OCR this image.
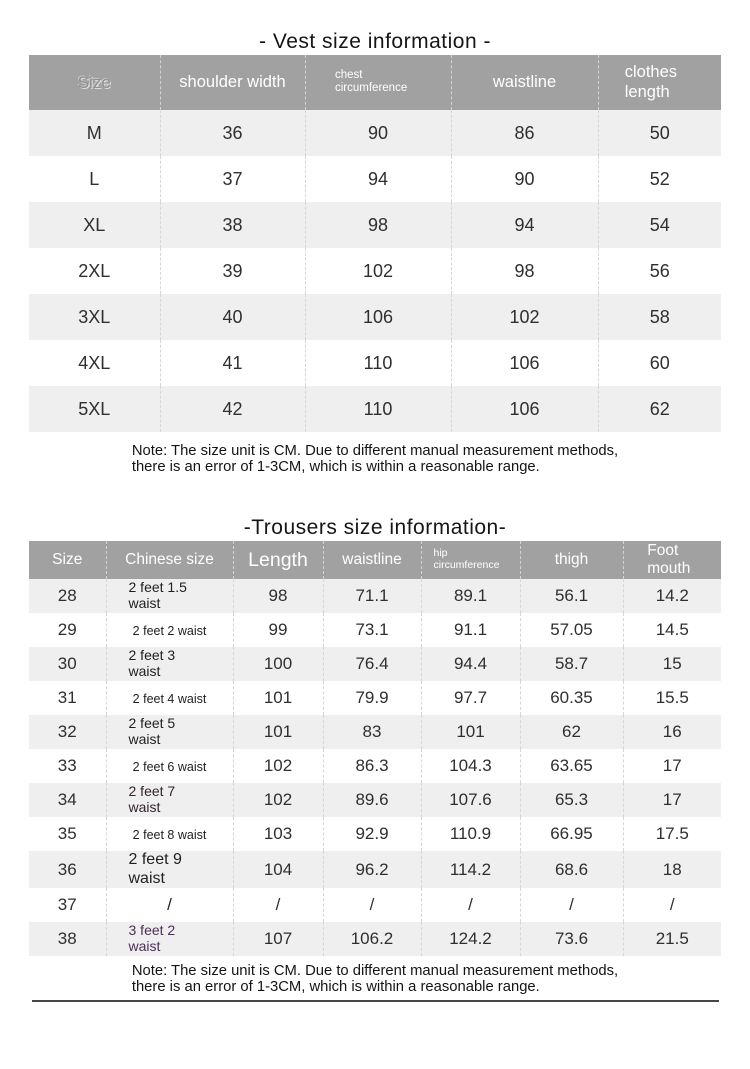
- Vest size information -
Size	shoulder width	chest circumference	waistline	clothes length
M	36	90	86	50
L	37	94	90	52
XL	38	98	94	54
2XL	39	102	98	56
3XL	40	106	102	58
4XL	41	110	106	60
5XL	42	110	106	62
Note: The size unit is CM. Due to different manual measurement methods,
there is an error of 1-3CM, which is within a reasonable range.
-Trousers size information-
Size	Chinese size	Length	waistline	hip circumference	thigh	Foot mouth
28	2 feet 1.5 waist	98	71.1	89.1	56.1	14.2
29	2 feet 2 waist	99	73.1	91.1	57.05	14.5
30	2 feet 3 waist	100	76.4	94.4	58.7	15
31	2 feet 4 waist	101	79.9	97.7	60.35	15.5
32	2 feet 5 waist	101	83	101	62	16
33	2 feet 6 waist	102	86.3	104.3	63.65	17
34	2 feet 7 waist	102	89.6	107.6	65.3	17
35	2 feet 8 waist	103	92.9	110.9	66.95	17.5
36	2 feet 9 waist	104	96.2	114.2	68.6	18
37	/	/	/	/	/	/
38	3 feet 2 waist	107	106.2	124.2	73.6	21.5
Note: The size unit is CM. Due to different manual measurement methods,
there is an error of 1-3CM, which is within a reasonable range.
